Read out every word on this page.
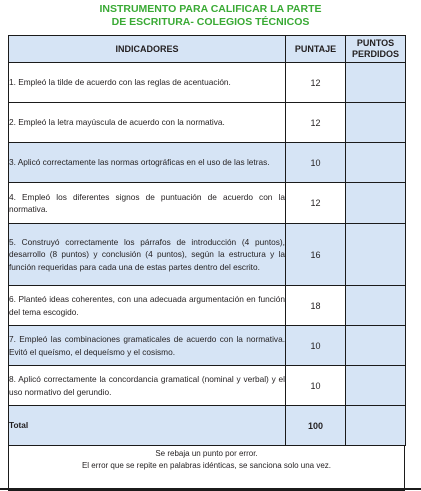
INSTRUMENTO PARA CALIFICAR LA PARTE
DE ESCRITURA- COLEGIOS TÉCNICOS
INDICADORES	PUNTAJE	PUNTOS
PERDIDOS

1. Empleó la tilde de acuerdo con las reglas de acentuación.	12	
2. Empleó la letra mayúscula de acuerdo con la normativa.	12	
3. Aplicó correctamente las normas ortográficas en el uso de las letras.	10	
4. Empleó los diferentes signos de puntuación de acuerdo con la normativa.	12	
5. Construyó correctamente los párrafos de introducción (4 puntos), desarrollo (8 puntos) y conclusión (4 puntos), según la estructura y la función requeridas para cada una de estas partes dentro del escrito.	16	
6. Planteó ideas coherentes, con una adecuada argumentación en función del tema escogido.	18	
7. Empleó las combinaciones gramaticales de acuerdo con la normativa. Evitó el queísmo, el dequeísmo y el cosismo.	10	
8. Aplicó correctamente la concordancia gramatical (nominal y verbal) y el uso normativo del gerundio.	10	
Total	100	
Se rebaja un punto por error.
El error que se repite en palabras idénticas, se sanciona solo una vez.
